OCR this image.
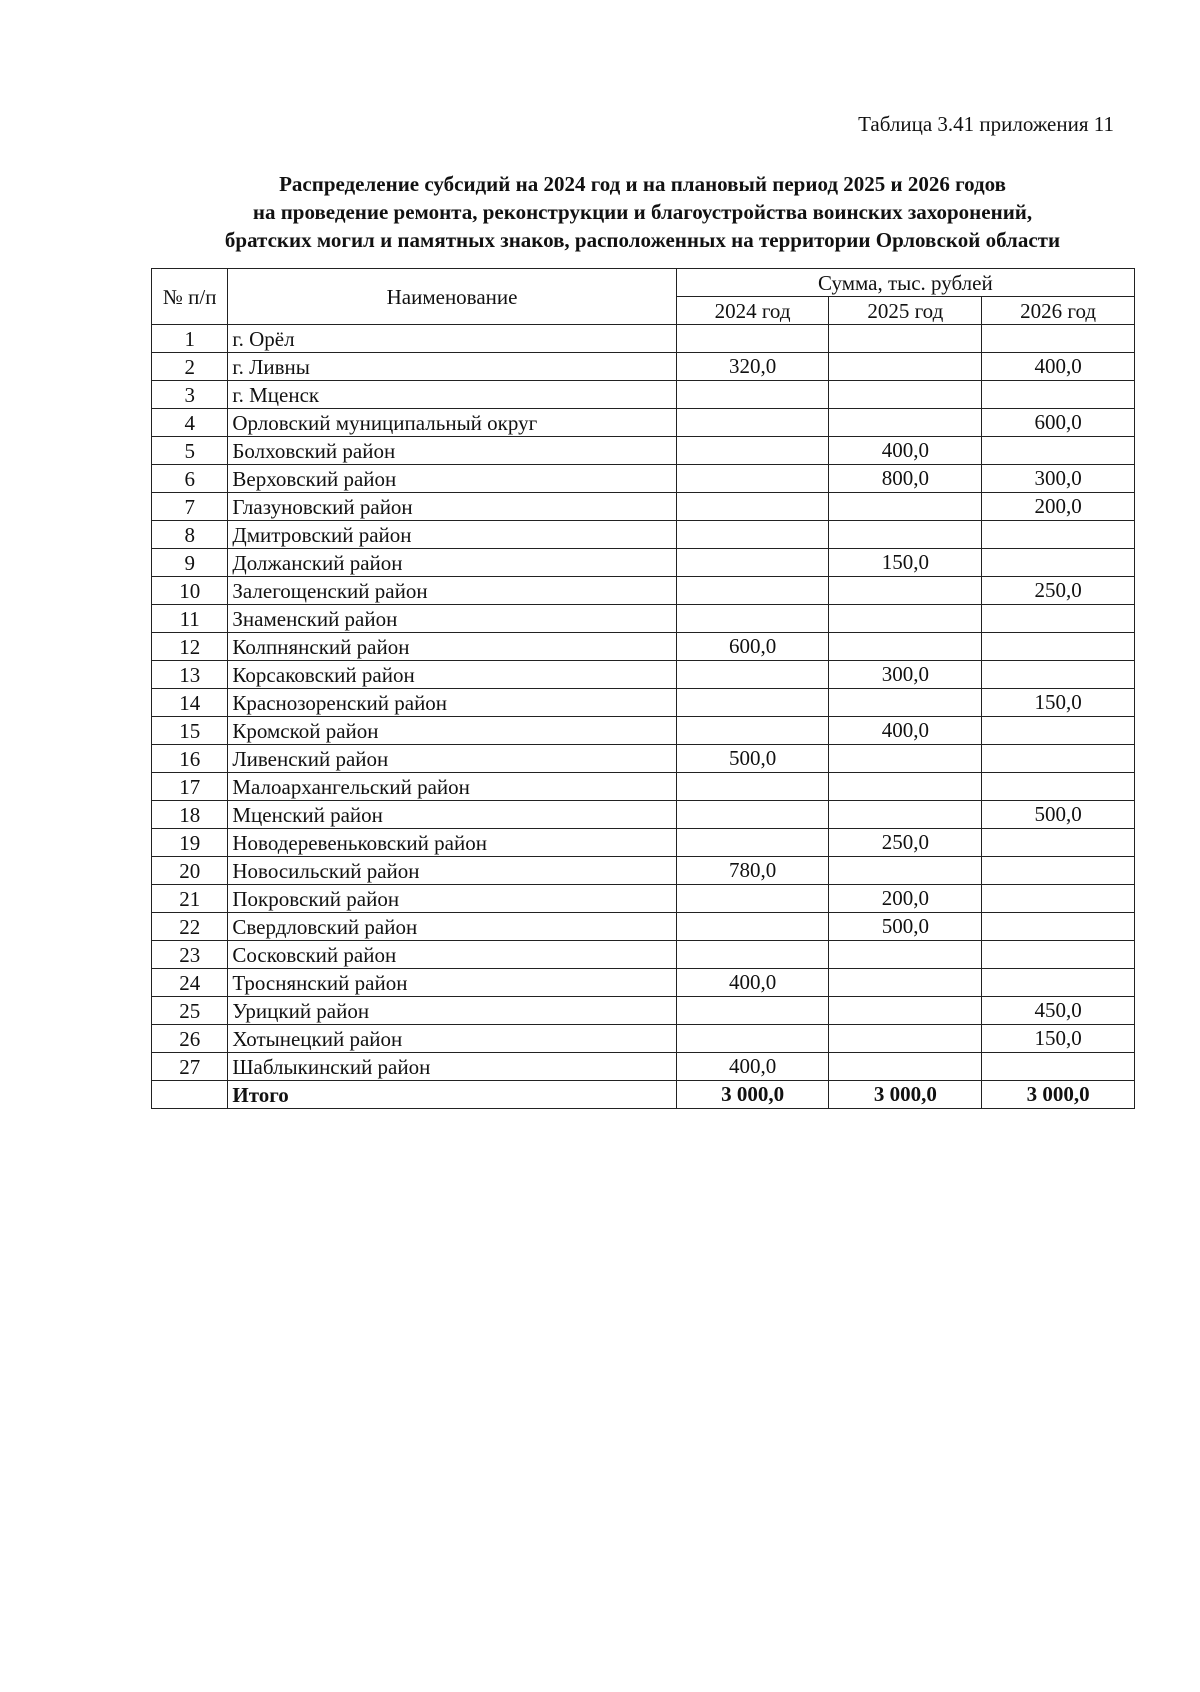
Таблица 3.41 приложения 11
Распределение субсидий на 2024 год и на плановый период 2025 и 2026 годов
на проведение ремонта, реконструкции и благоустройства воинских захоронений,
братских могил и памятных знаков, расположенных на территории Орловской области
№ п/п	Наименование	Сумма, тыс. рублей		
		2024 год	2025 год	2026 год
1	г. Орёл			
2	г. Ливны	320,0		400,0
3	г. Мценск			
4	Орловский муниципальный округ			600,0
5	Болховский район		400,0	
6	Верховский район		800,0	300,0
7	Глазуновский район			200,0
8	Дмитровский район			
9	Должанский район		150,0	
10	Залегощенский район			250,0
11	Знаменский район			
12	Колпнянский район	600,0		
13	Корсаковский район		300,0	
14	Краснозоренский район			150,0
15	Кромской район		400,0	
16	Ливенский район	500,0		
17	Малоархангельский район			
18	Мценский район			500,0
19	Новодеревеньковский район		250,0	
20	Новосильский район	780,0		
21	Покровский район		200,0	
22	Свердловский район		500,0	
23	Сосковский район			
24	Троснянский район	400,0		
25	Урицкий район			450,0
26	Хотынецкий район			150,0
27	Шаблыкинский район	400,0		
	Итого	3 000,0	3 000,0	3 000,0
